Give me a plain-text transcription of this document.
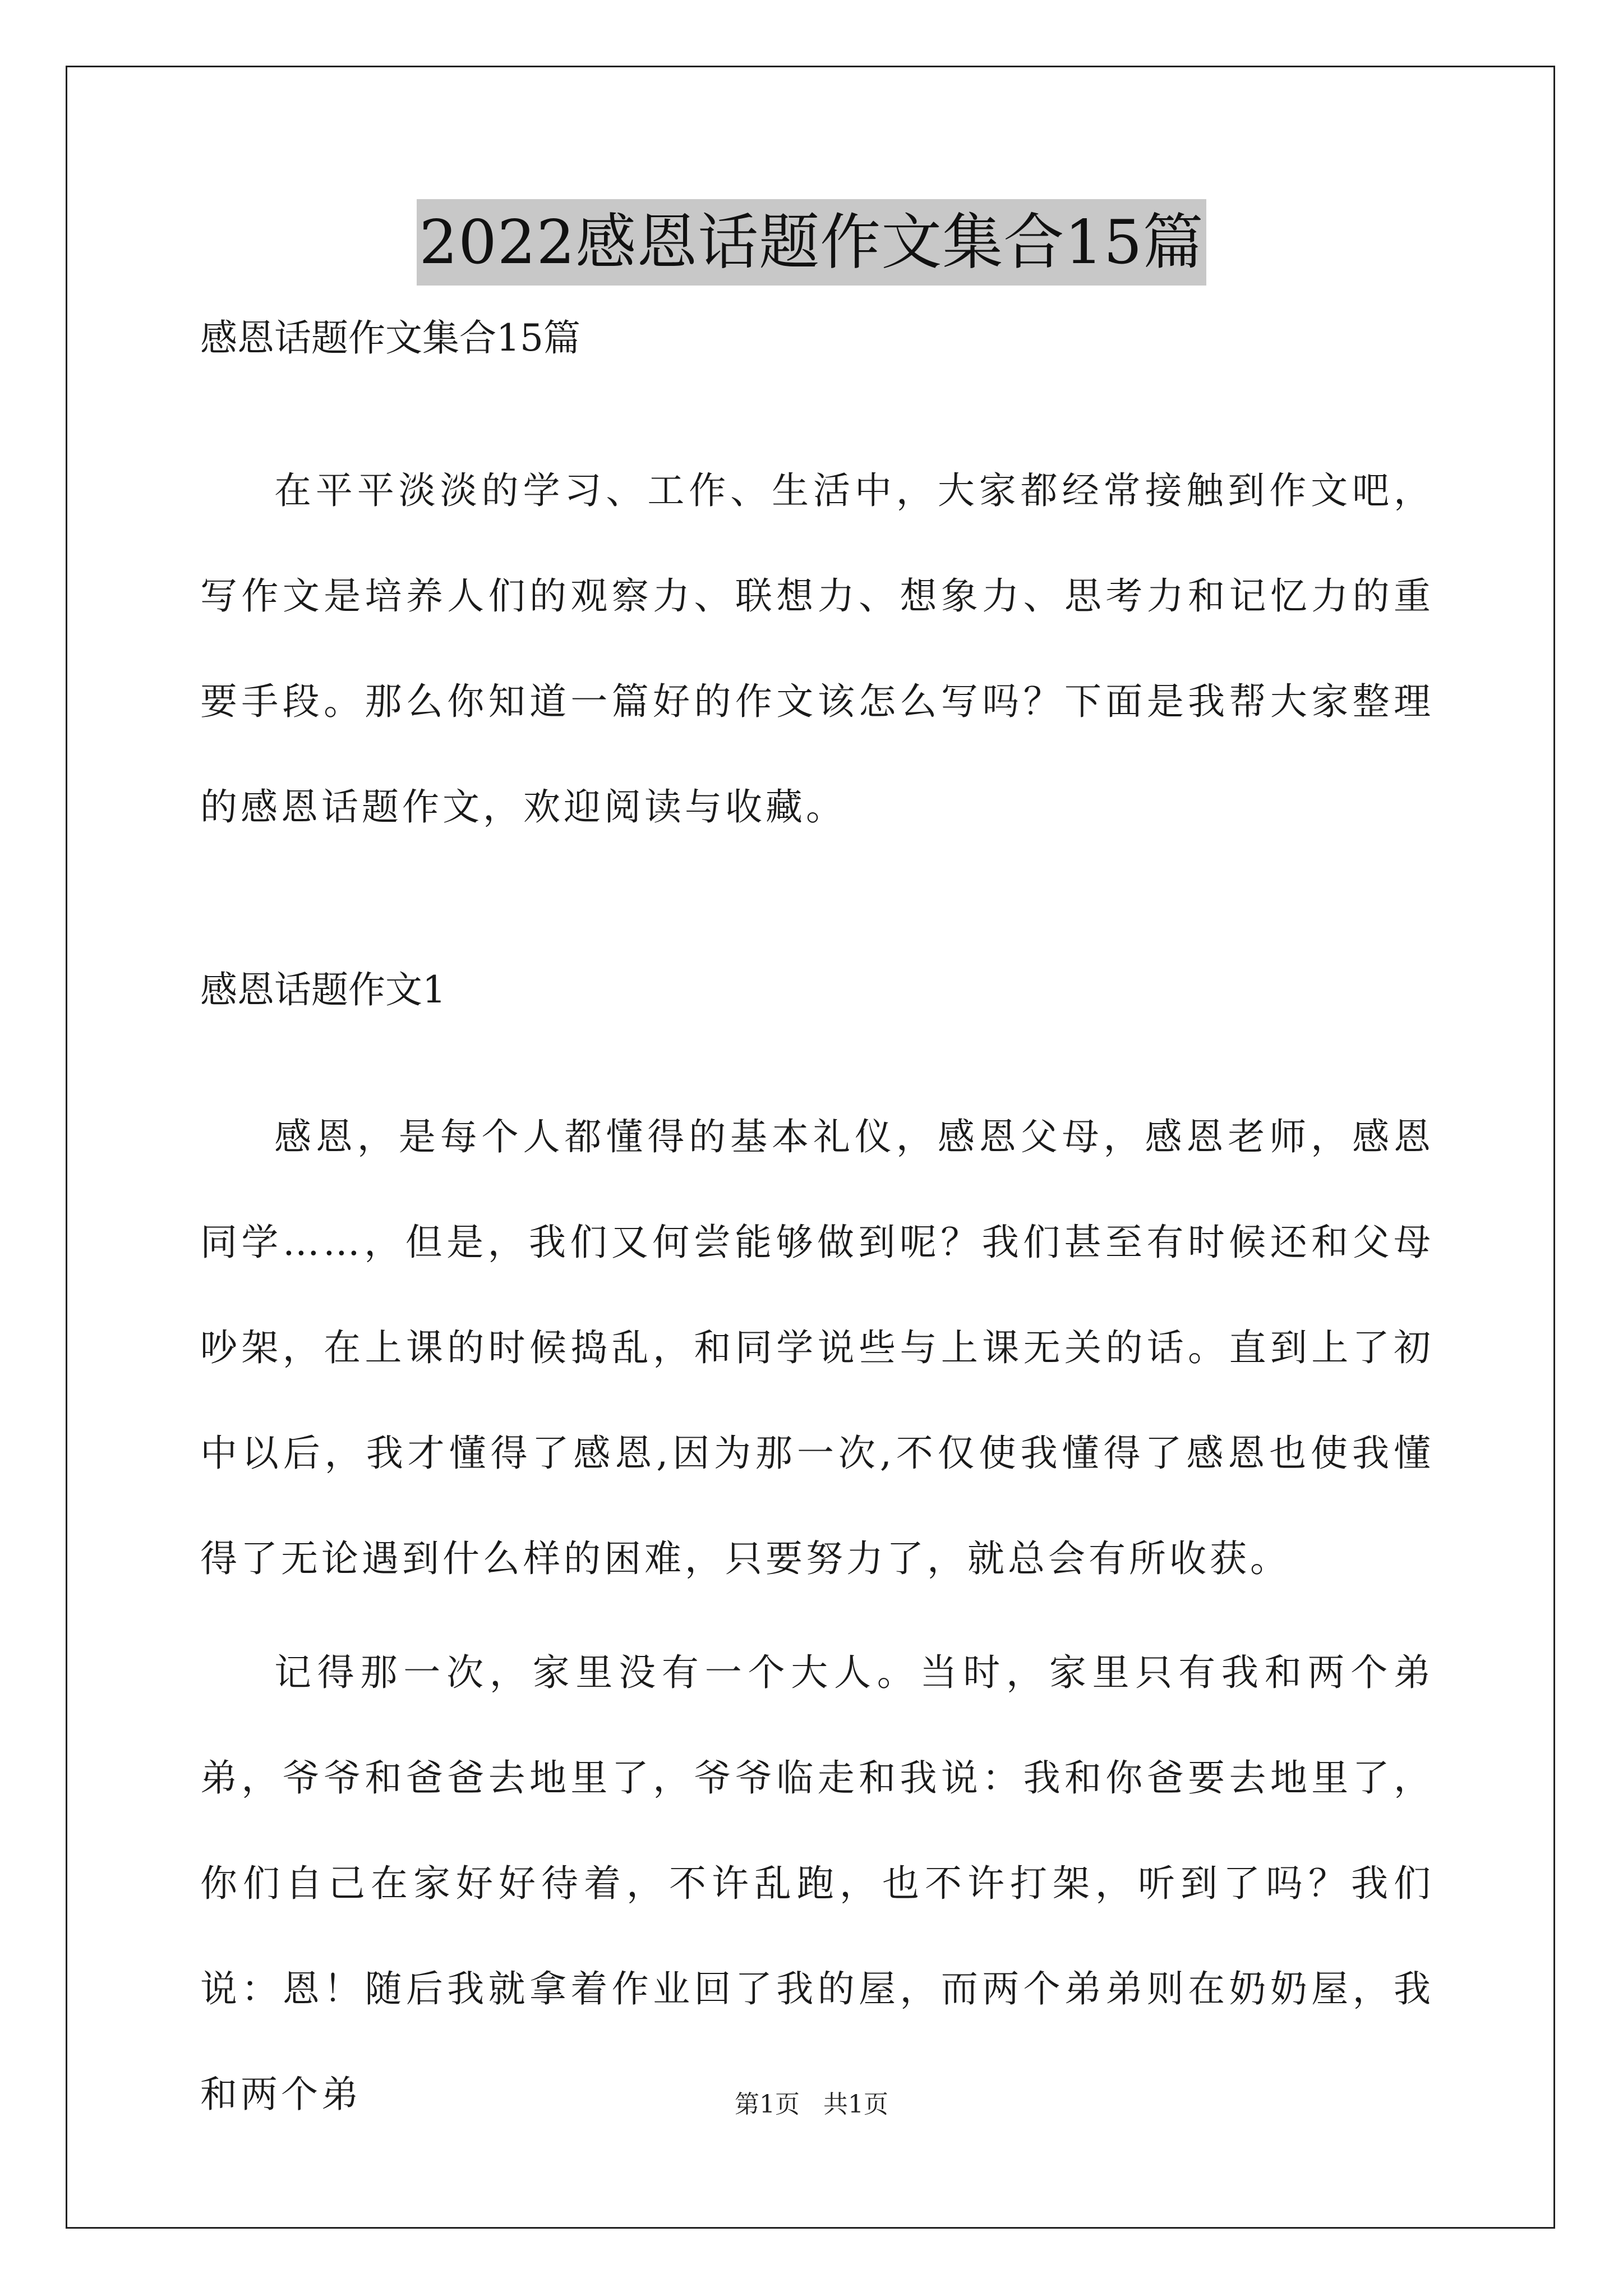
2022感恩话题作文集合15篇
感恩话题作文集合15篇

在平平淡淡的学习、工作、生活中，大家都经常接触到作文吧，写作文是培养人们的观察力、联想力、想象力、思考力和记忆力的重要手段。那么你知道一篇好的作文该怎么写吗？下面是我帮大家整理的感恩话题作文，欢迎阅读与收藏。

感恩话题作文1

感恩，是每个人都懂得的基本礼仪，感恩父母，感恩老师，感恩同学……，但是，我们又何尝能够做到呢？我们甚至有时候还和父母吵架，在上课的时候捣乱，和同学说些与上课无关的话。直到上了初中以后，我才懂得了感恩,因为那一次,不仅使我懂得了感恩也使我懂得了无论遇到什么样的困难，只要努力了，就总会有所收获。

记得那一次，家里没有一个大人。当时，家里只有我和两个弟弟，爷爷和爸爸去地里了，爷爷临走和我说：我和你爸要去地里了，你们自己在家好好待着，不许乱跑，也不许打架，听到了吗？我们说：恩！随后我就拿着作业回了我的屋，而两个弟弟则在奶奶屋，我和两个弟	第1页   共1页
